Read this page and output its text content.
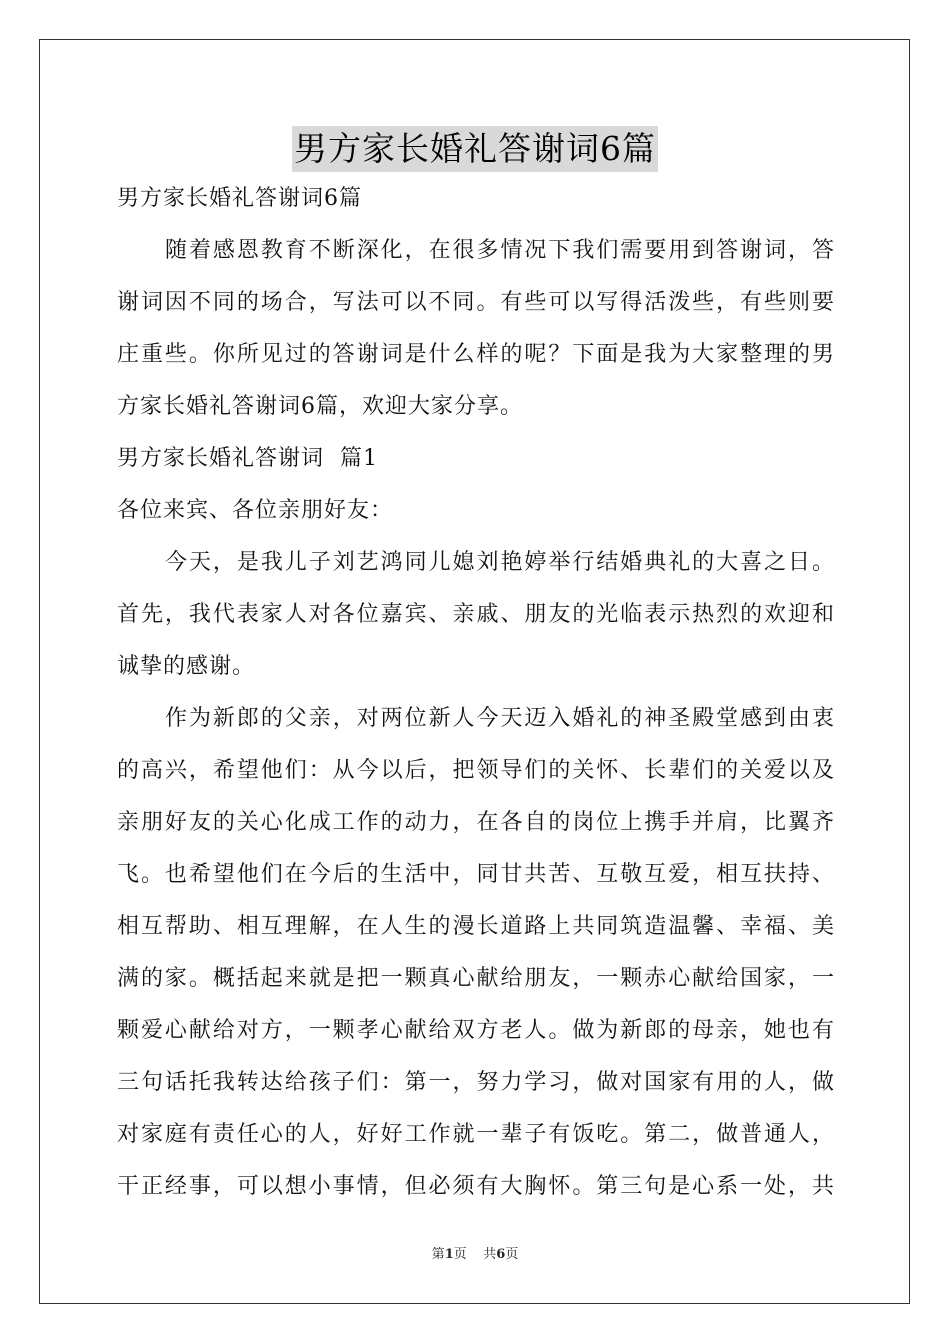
男方家长婚礼答谢词6篇
男方家长婚礼答谢词6篇
随着感恩教育不断深化，在很多情况下我们需要用到答谢词，答
谢词因不同的场合，写法可以不同。有些可以写得活泼些，有些则要
庄重些。你所见过的答谢词是什么样的呢？下面是我为大家整理的男
方家长婚礼答谢词6篇，欢迎大家分享。
男方家长婚礼答谢词  篇1
各位来宾、各位亲朋好友：
今天，是我儿子刘艺鸿同儿媳刘艳婷举行结婚典礼的大喜之日。
首先，我代表家人对各位嘉宾、亲戚、朋友的光临表示热烈的欢迎和
诚挚的感谢。
作为新郎的父亲，对两位新人今天迈入婚礼的神圣殿堂感到由衷
的高兴，希望他们：从今以后，把领导们的关怀、长辈们的关爱以及
亲朋好友的关心化成工作的动力，在各自的岗位上携手并肩，比翼齐
飞。也希望他们在今后的生活中，同甘共苦、互敬互爱，相互扶持、
相互帮助、相互理解，在人生的漫长道路上共同筑造温馨、幸福、美
满的家。概括起来就是把一颗真心献给朋友，一颗赤心献给国家，一
颗爱心献给对方，一颗孝心献给双方老人。做为新郎的母亲，她也有
三句话托我转达给孩子们：第一，努力学习，做对国家有用的人，做
对家庭有责任心的人，好好工作就一辈子有饭吃。第二，做普通人，
干正经事，可以想小事情，但必须有大胸怀。第三句是心系一处，共
第1页    共6页
